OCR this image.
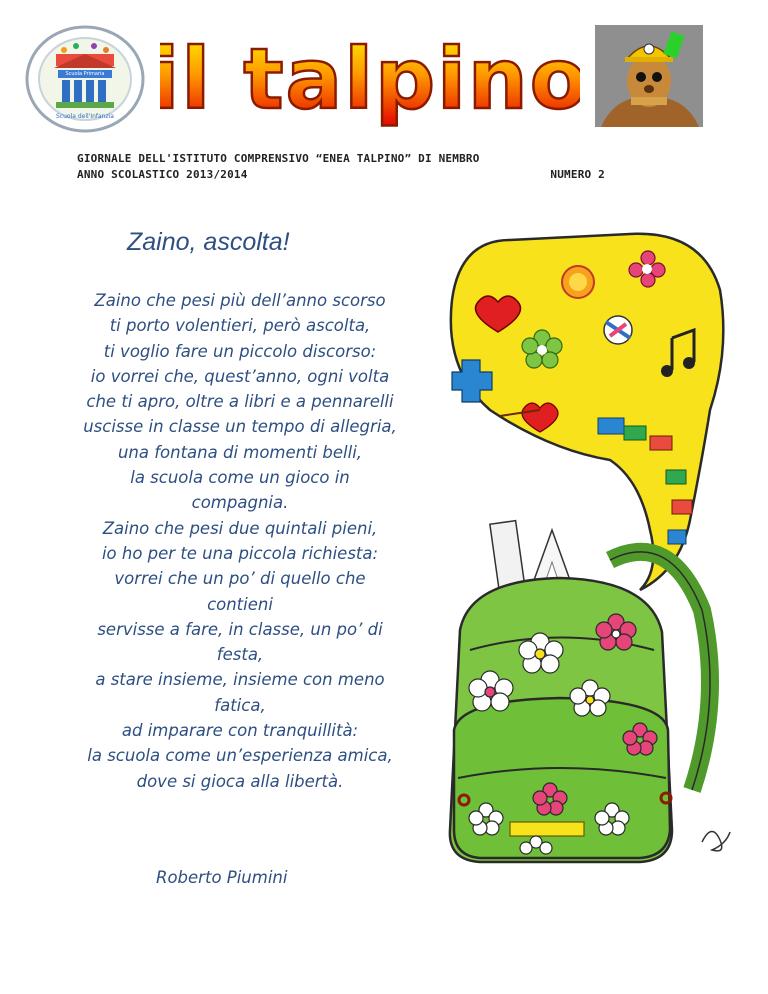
Scuola dell'Infanzia
Scuola Primaria il talpino
GIORNALE DELL'ISTITUTO COMPRENSIVO “ENEA TALPINO” DI NEMBRO
ANNO SCOLASTICO 2013/2014	NUMERO 2
Zaino, ascolta!
Zaino che pesi più dell’anno scorso
ti porto volentieri, però ascolta,
ti voglio fare un piccolo discorso:
io vorrei che, quest’anno, ogni volta
che ti apro, oltre a libri e a pennarelli
uscisse in classe un tempo di allegria,
una fontana di momenti belli,
la scuola come un gioco in
compagnia.
Zaino che pesi due quintali pieni,
io ho per te una piccola richiesta:
vorrei che un po’ di quello che
contieni
servisse a fare, in classe, un po’ di
festa,
a stare insieme, insieme con meno
fatica,
ad imparare con tranquillità:
la scuola come un’esperienza amica,
dove si gioca alla libertà.
Roberto Piumini
